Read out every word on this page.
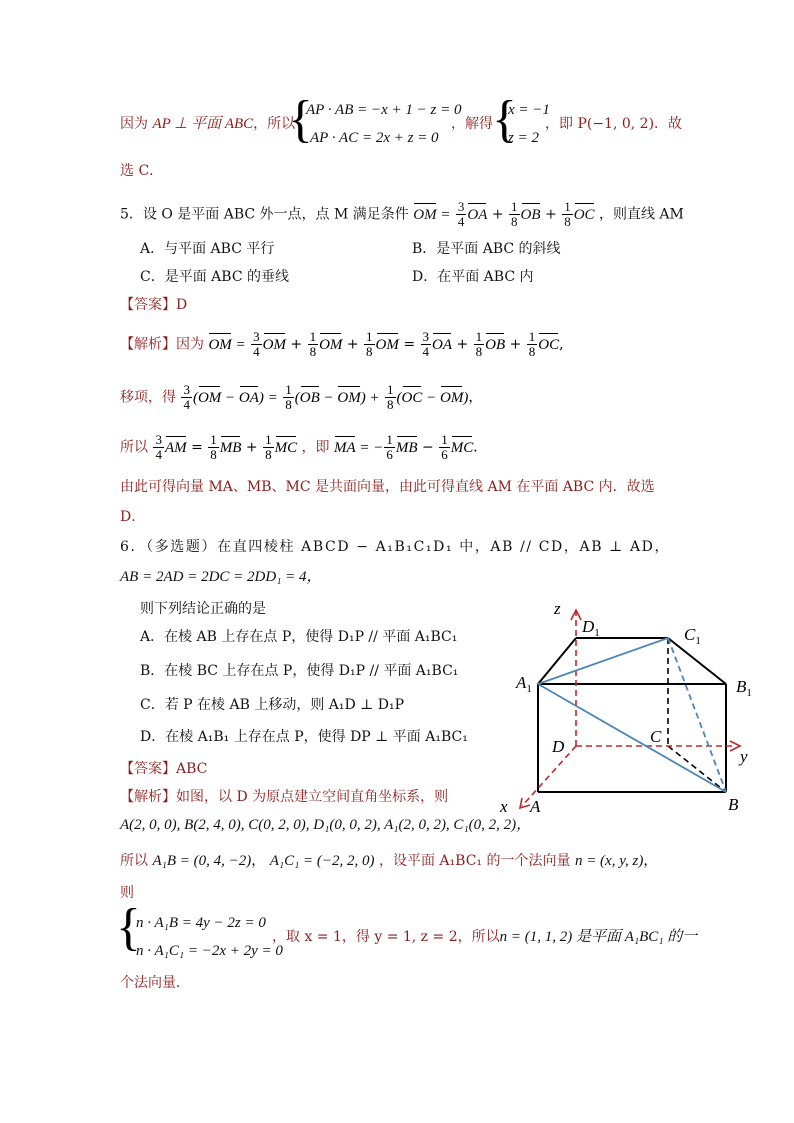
因为 AP ⊥ 平面 ABC，所以
{
AP · AB = −x + 1 − z = 0
AP · AC = 2x + z = 0
，解得 {
x = −1
z = 2
，即 P(−1, 0, 2)．故
选 C．
5．设 O 是平面 ABC 外一点，点 M 满足条件 OM = $\frac{3}{4}$ OA + $\frac{1}{8}$ OB + $\frac{1}{8}$ OC ，则直线 AM
A．与平面 ABC 平行	B．是平面 ABC 的斜线
C．是平面 ABC 的垂线	D．在平面 ABC 内
【答案】D
【解析】因为 OM = $\frac{3}{4}$ OM + $\frac{1}{8}$ OM + $\frac{1}{8}$ OM = $\frac{3}{4}$ OA + $\frac{1}{8}$ OB + $\frac{1}{8}$ OC,
移项，得 $\frac{3}{4} (OM - OA) = \frac{1}{8} (OB - OM) + \frac{1}{8} (OC - OM)$，
所以 $\frac{3}{4}$ AM = $\frac{1}{8}$ MB + $\frac{1}{8}$ MC ，即 MA = − $\frac{1}{6}$ MB − $\frac{1}{6}$ MC．
由此可得向量 MA、MB、MC 是共面向量，由此可得直线 AM 在平面 ABC 内．故选
D．
6．（多选题）在直四棱柱 ABCD − A₁B₁C₁D₁ 中，AB // CD，AB ⊥ AD，
AB = 2AD = 2DC = 2DD₁ = 4，
则下列结论正确的是
A．在棱 AB 上存在点 P，使得 D₁P // 平面 A₁BC₁
B．在棱 BC 上存在点 P，使得 D₁P // 平面 A₁BC₁
C．若 P 在棱 AB 上移动，则 A₁D ⊥ D₁P
D．在棱 A₁B₁ 上存在点 P，使得 DP ⊥ 平面 A₁BC₁
【答案】ABC
【解析】如图，以 D 为原点建立空间直角坐标系，则
A(2, 0, 0), B(2, 4, 0), C(0, 2, 0), D₁(0, 0, 2), A₁(2, 0, 2), C₁(0, 2, 2)，
所以 A₁B = (0, 4, −2)， A₁C₁ = (−2, 2, 0) ，设平面 A₁BC₁ 的一个法向量 n = (x, y, z)，
则
{
n · A₁B = 4y − 2z = 0
n · A₁C₁ = −2x + 2y = 0
，取 x = 1，得 y = 1, z = 2，所以n = (1, 1, 2) 是平面 A₁BC₁ 的一
个法向量．
z
$D_1$	$C_1$
$A_1$	$B_1$
C
D
y
x A	B
